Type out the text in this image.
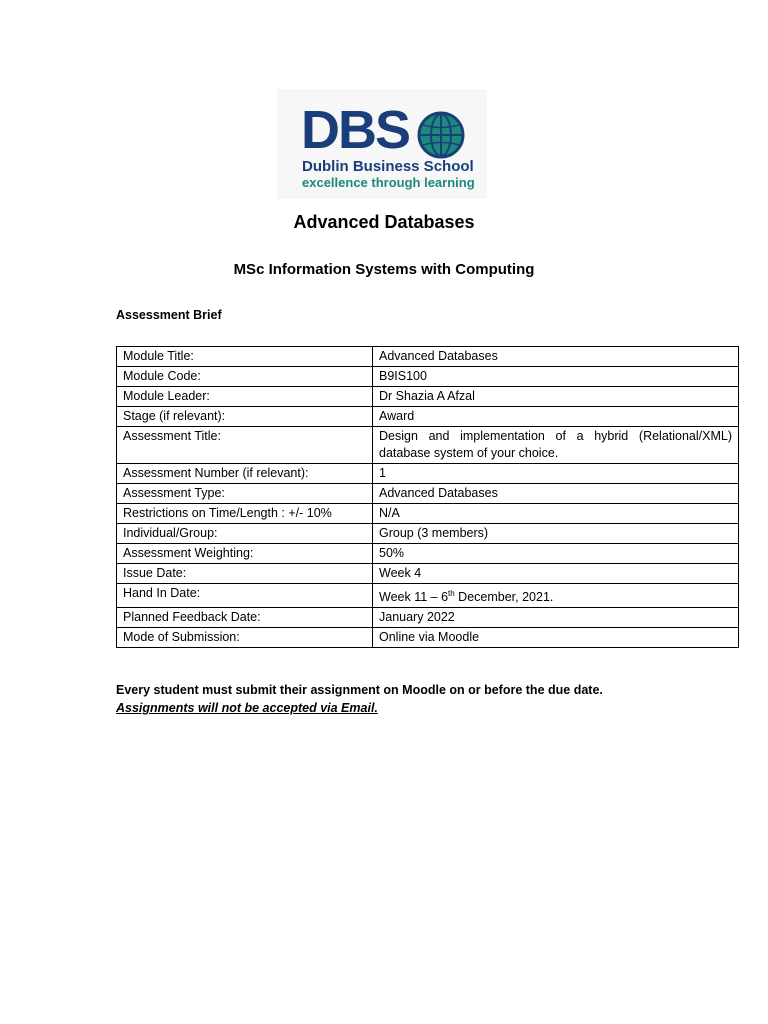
DBS
Dublin Business School
excellence through learning
Advanced Databases
MSc Information Systems with Computing
Assessment Brief
Module Title:	Advanced Databases
Module Code:	B9IS100
Module Leader:	Dr Shazia A Afzal
Stage (if relevant):	Award
Assessment Title:	Design and implementation of a hybrid (Relational/XML) database system of your choice.
Assessment Number (if relevant):	1
Assessment Type:	Advanced Databases
Restrictions on Time/Length : +/- 10%	N/A
Individual/Group:	Group (3 members)
Assessment Weighting:	50%
Issue Date:	Week 4
Hand In Date:	Week 11 – 6th December, 2021.
Planned Feedback Date:	January 2022
Mode of Submission:	Online via Moodle
Every student must submit their assignment on Moodle on or before the due date.
Assignments will not be accepted via Email.
